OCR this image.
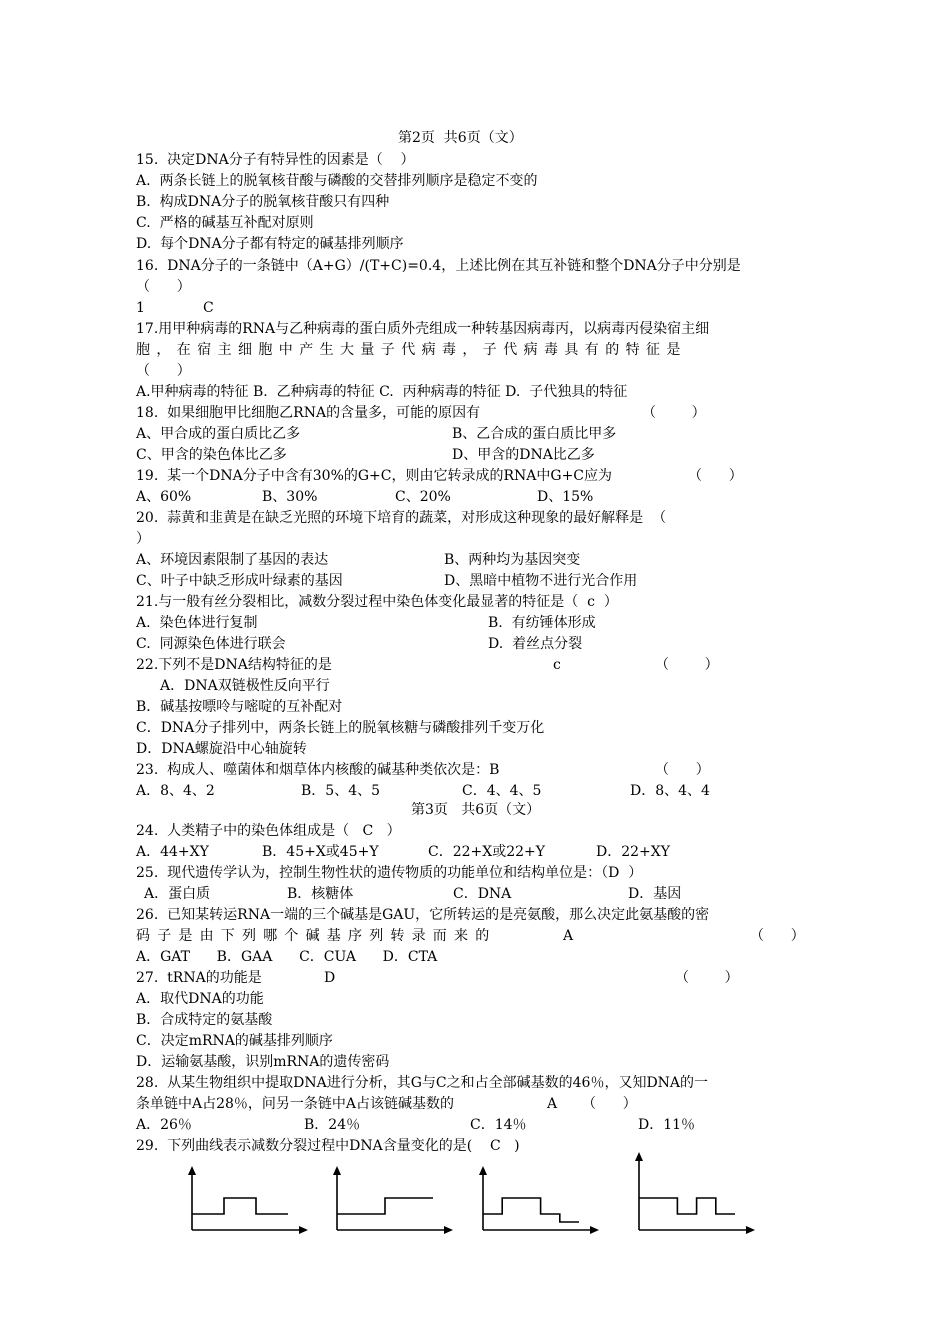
第2页  共6页（文）
15.  决定DNA分子有特异性的因素是（    ）
A.  两条长链上的脱氧核苷酸与磷酸的交替排列顺序是稳定不变的
B.  构成DNA分子的脱氧核苷酸只有四种
C.  严格的碱基互补配对原则
D.  每个DNA分子都有特定的碱基排列顺序
16.  DNA分子的一条链中（A+G）/(T+C)=0.4，上述比例在其互补链和整个DNA分子中分别是
（      ）
1	C
17.用甲种病毒的RNA与乙种病毒的蛋白质外壳组成一种转基因病毒丙，以病毒丙侵染宿主细
胞，在宿主细胞中产生大量子代病毒，子代病毒具有的特征是
（      ）
A.甲种病毒的特征 B.  乙种病毒的特征 C.  丙种病毒的特征 D.  子代独具的特征
18.  如果细胞甲比细胞乙RNA的含量多，可能的原因有	（        ）
A、甲合成的蛋白质比乙多	B、乙合成的蛋白质比甲多
C、甲含的染色体比乙多	D、甲含的DNA比乙多
19.  某一个DNA分子中含有30%的G+C，则由它转录成的RNA中G+C应为	（      ）
A、60%	B、30%	C、20%	D、15%
20.  蒜黄和韭黄是在缺乏光照的环境下培育的蔬菜，对形成这种现象的最好解释是  （
）
A、环境因素限制了基因的表达	B、两种均为基因突变
C、叶子中缺乏形成叶绿素的基因	D、黑暗中植物不进行光合作用
21.与一般有丝分裂相比，减数分裂过程中染色体变化最显著的特征是（  c  ）
A.  染色体进行复制	B.  有纺锤体形成
C.  同源染色体进行联会	D.  着丝点分裂
22.下列不是DNA结构特征的是	c	（        ）
A．DNA双链极性反向平行
B．碱基按嘌呤与嘧啶的互补配对
C．DNA分子排列中，两条长链上的脱氧核糖与磷酸排列千变万化
D．DNA螺旋沿中心轴旋转
23.  构成人、噬菌体和烟草体内核酸的碱基种类依次是：B	（      ）
A．8、4、2	B．5、4、5	C．4、4、5	D．8、4、4
第3页   共6页（文）
24.  人类精子中的染色体组成是（   C   ）
A．44+XY	B．45+X或45+Y	C．22+X或22+Y	D．22+XY
25.  现代遗传学认为，控制生物性状的遗传物质的功能单位和结构单位是：（D  ）
A．蛋白质	B．核糖体	C．DNA	D．基因
26.  已知某转运RNA一端的三个碱基是GAU，它所转运的是亮氨酸，那么决定此氨基酸的密
码子是由下列哪个碱基序列转录而来的	A	（      ）
A．GAT      B．GAA      C．CUA      D．CTA
27.  tRNA的功能是	D	（        ）
A．取代DNA的功能
B．合成特定的氨基酸
C．决定mRNA的碱基排列顺序
D．运输氨基酸，识别mRNA的遗传密码
28.  从某生物组织中提取DNA进行分析，其G与C之和占全部碱基数的46％，又知DNA的一
条单链中A占28％，问另一条链中A占该链碱基数的	A （      ）
A．26％	B．24％	C．14％	D．11％
29.  下列曲线表示减数分裂过程中DNA含量变化的是(    C   )
